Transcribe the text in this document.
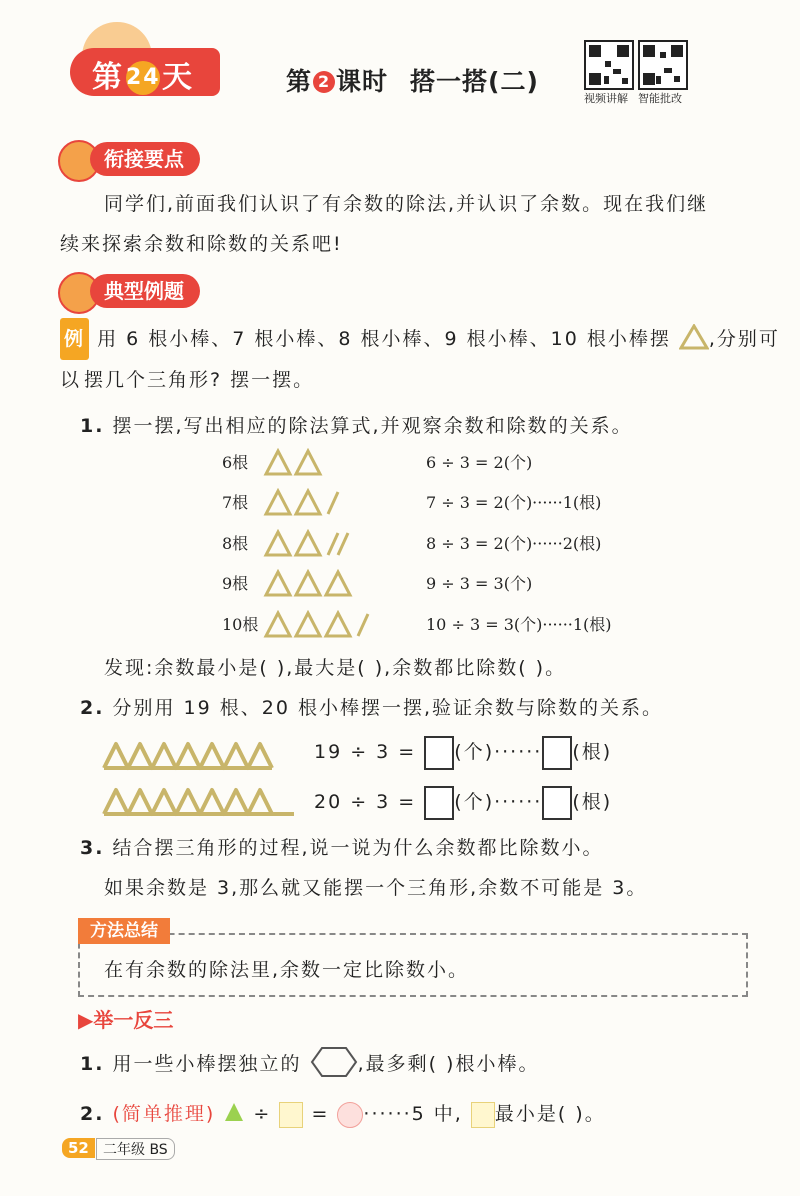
第24天	第 2 课时 搭一搭(二)
视频讲解 智能批改
衔接要点
同学们,前面我们认识了有余数的除法,并认识了余数。现在我们继
续来探索余数和除数的关系吧!
典型例题
例 用 6 根小棒、7 根小棒、8 根小棒、9 根小棒、10 根小棒摆 ,分别可以 摆几个三角形? 摆一摆。
1. 摆一摆,写出相应的除法算式,并观察余数和除数的关系。
6根	6 ÷ 3 = 2(个)
7根	7 ÷ 3 = 2(个)······1(根)
8根	8 ÷ 3 = 2(个)······2(根)
9根	9 ÷ 3 = 3(个)
10根	10 ÷ 3 = 3(个)······1(根)
发现:余数最小是( ),最大是( ),余数都比除数( )。
2. 分别用 19 根、20 根小棒摆一摆,验证余数与除数的关系。
19 ÷ 3 = (个)······ (根)
20 ÷ 3 = (个)······ (根)
3. 结合摆三角形的过程,说一说为什么余数都比除数小。
如果余数是 3,那么就又能摆一个三角形,余数不可能是 3。
方法总结
在有余数的除法里,余数一定比除数小。
▶举一反三
1. 用一些小棒摆独立的	,最多剩( )根小棒。
2. (简单推理) ÷ = ······5 中, 最小是( )。
52	二年级 BS
